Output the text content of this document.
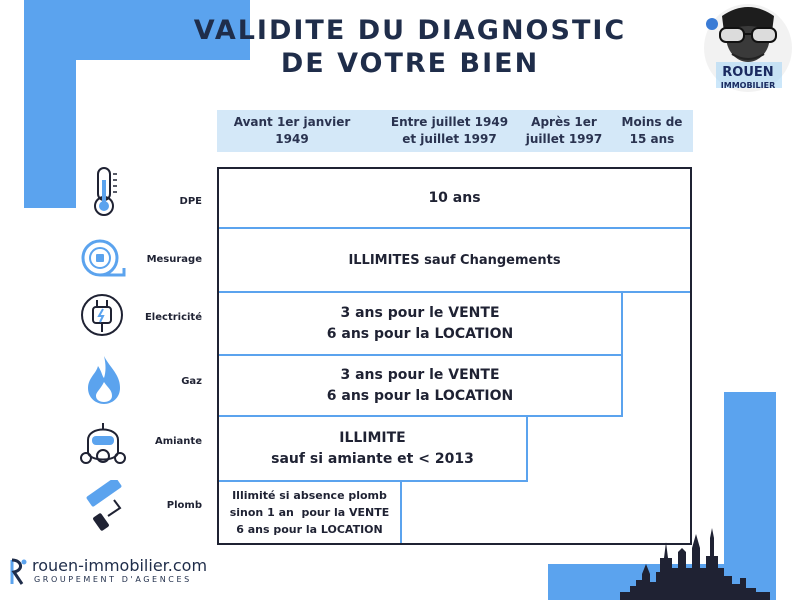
VALIDITE DU DIAGNOSTIC
DE VOTRE BIEN	ROUEN
IMMOBILIER
Avant 1er janvier
1949
Entre juillet 1949
et juillet 1997
Après 1er
juillet 1997
Moins de
15 ans
10 ans
ILLIMITES sauf Changements
3 ans pour le VENTE
6 ans pour la LOCATION
3 ans pour le VENTE
6 ans pour la LOCATION
ILLIMITE
sauf si amiante et < 2013
Illimité si absence plomb
sinon 1 an  pour la VENTE
6 ans pour la LOCATION
DPE
Mesurage
Electricité
Gaz
Amiante
Plomb
rouen-immobilier.com
GROUPEMENT D'AGENCES
